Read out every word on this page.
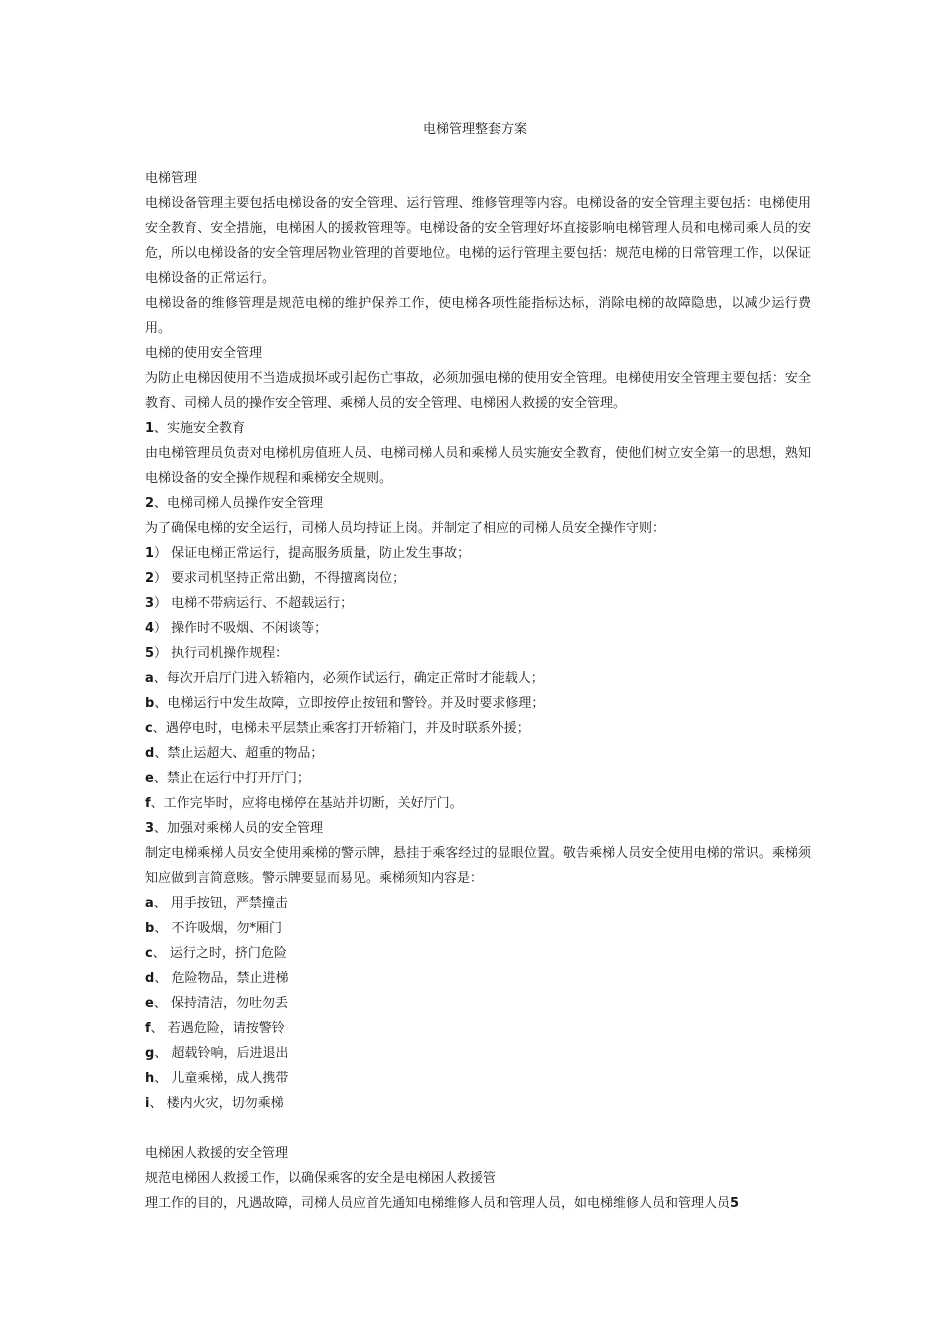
电梯管理整套方案

电梯管理

电梯设备管理主要包括电梯设备的安全管理、运行管理、维修管理等内容。电梯设备的安全管理主要包括：电梯使用安全教育、安全措施，电梯困人的援救管理等。电梯设备的安全管理好坏直接影响电梯管理人员和电梯司乘人员的安危，所以电梯设备的安全管理居物业管理的首要地位。电梯的运行管理主要包括：规范电梯的日常管理工作，以保证电梯设备的正常运行。

电梯设备的维修管理是规范电梯的维护保养工作，使电梯各项性能指标达标，消除电梯的故障隐患，以减少运行费用。

电梯的使用安全管理

为防止电梯因使用不当造成损坏或引起伤亡事故，必须加强电梯的使用安全管理。电梯使用安全管理主要包括：安全教育、司梯人员的操作安全管理、乘梯人员的安全管理、电梯困人救援的安全管理。

1、实施安全教育

由电梯管理员负责对电梯机房值班人员、电梯司梯人员和乘梯人员实施安全教育，使他们树立安全第一的思想，熟知电梯设备的安全操作规程和乘梯安全规则。

2、电梯司梯人员操作安全管理

为了确保电梯的安全运行，司梯人员均持证上岗。并制定了相应的司梯人员安全操作守则：

1） 保证电梯正常运行，提高服务质量，防止发生事故；

2） 要求司机坚持正常出勤，不得擅离岗位；

3） 电梯不带病运行、不超载运行；

4） 操作时不吸烟、不闲谈等；

5） 执行司机操作规程：

a、每次开启厅门进入轿箱内，必须作试运行，确定正常时才能载人；

b、电梯运行中发生故障，立即按停止按钮和警铃。并及时要求修理；

c、遇停电时，电梯未平层禁止乘客打开轿箱门，并及时联系外援；

d、禁止运超大、超重的物品；

e、禁止在运行中打开厅门；

f、工作完毕时，应将电梯停在基站并切断，关好厅门。

3、加强对乘梯人员的安全管理

制定电梯乘梯人员安全使用乘梯的警示牌，悬挂于乘客经过的显眼位置。敬告乘梯人员安全使用电梯的常识。乘梯须知应做到言简意赅。警示牌要显而易见。乘梯须知内容是：

a、 用手按钮，严禁撞击

b、 不许吸烟，勿*厢门

c、 运行之时，挤门危险

d、 危险物品，禁止进梯

e、 保持清洁，勿吐勿丢

f、 若遇危险，请按警铃

g、 超载铃响，后进退出

h、 儿童乘梯，成人携带

i、 楼内火灾，切勿乘梯

电梯困人救援的安全管理

规范电梯困人救援工作，以确保乘客的安全是电梯困人救援管

理工作的目的，凡遇故障，司梯人员应首先通知电梯维修人员和管理人员，如电梯维修人员和管理人员5
